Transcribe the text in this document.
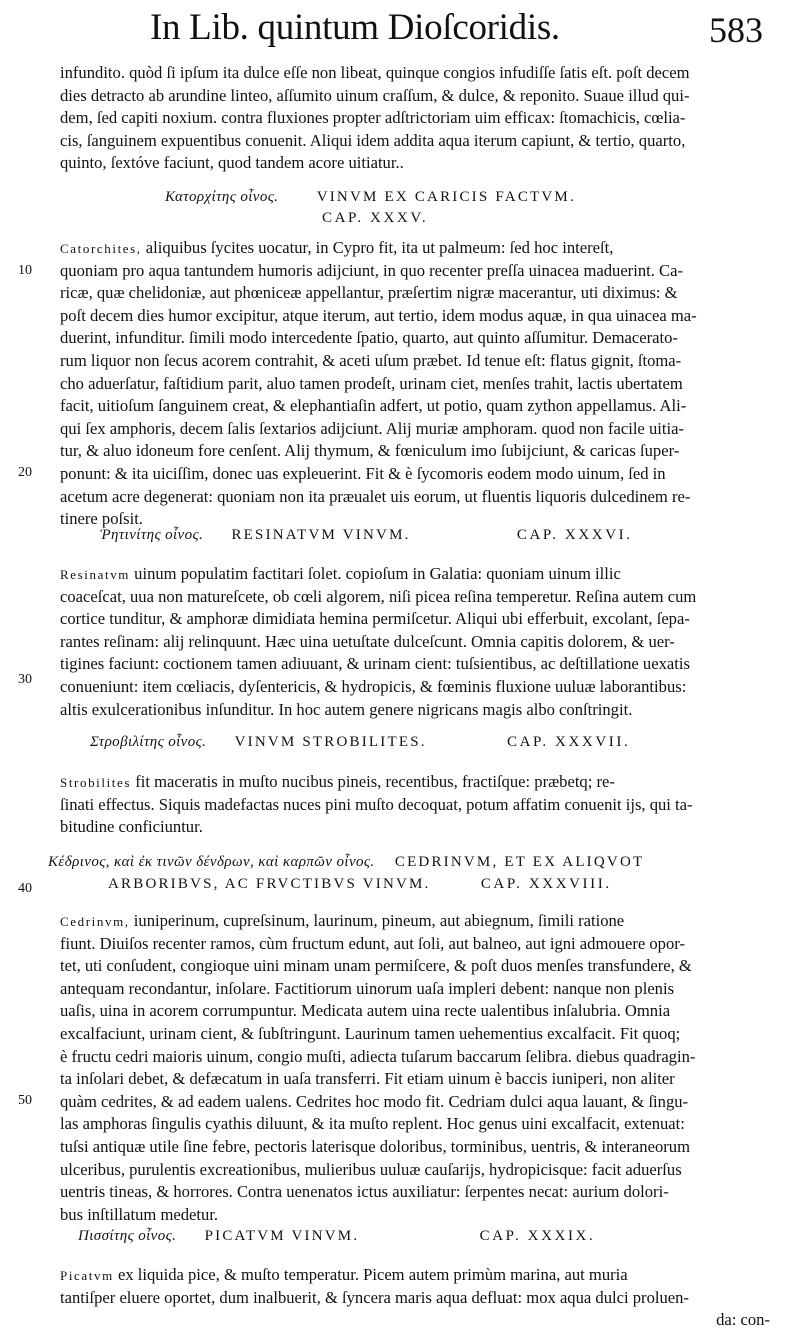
In Lib. quintum Dioſcoridis.	583
10
20
30
40
50
infundito. quòd ſi ipſum ita dulce eſſe non libeat, quinque congios infudiſſe ſatis eſt. poſt decem
dies detracto ab arundine linteo, aſſumito uinum craſſum, & dulce, & reponito. Suaue illud qui-
dem, ſed capiti noxium. contra fluxiones propter adſtrictoriam uim efficax: ſtomachicis, cœlia-
cis, ſanguinem expuentibus conuenit. Aliqui idem addita aqua iterum capiunt, & tertio, quarto,
quinto, ſextóve faciunt, quod tandem acore uitiatur..
Κατορχίτης οἶνος.	VINVM EX CARICIS FACTVM.
CAP. XXXV.
Catorchites, aliquibus ſycites uocatur, in Cypro fit, ita ut palmeum: ſed hoc intereſt,
quoniam pro aqua tantundem humoris adijciunt, in quo recenter preſſa uinacea maduerint. Ca-
ricæ, quæ chelidoniæ, aut phœniceæ appellantur, præſertim nigræ macerantur, uti diximus: &
poſt decem dies humor excipitur, atque iterum, aut tertio, idem modus aquæ, in qua uinacea ma-
duerint, infunditur. ſimili modo intercedente ſpatio, quarto, aut quinto aſſumitur. Demacerato-
rum liquor non ſecus acorem contrahit, & aceti uſum præbet. Id tenue eſt: flatus gignit, ſtoma-
cho aduerſatur, faſtidium parit, aluo tamen prodeſt, urinam ciet, menſes trahit, lactis ubertatem
facit, uitioſum ſanguinem creat, & elephantiaſin adfert, ut potio, quam zython appellamus. Ali-
qui ſex amphoris, decem ſalis ſextarios adijciunt. Alij muriæ amphoram. quod non facile uitia-
tur, & aluo idoneum fore cenſent. Alij thymum, & fœniculum imo ſubijciunt, & caricas ſuper-
ponunt: & ita uiciſſim, donec uas expleuerint. Fit & è ſycomoris eodem modo uinum, ſed in
acetum acre degenerat: quoniam non ita præualet uis eorum, ut fluentis liquoris dulcedinem re-
tinere poſsit.
Ῥητινίτης οἶνος. RESINATVM VINVM.	CAP. XXXVI.
Resinatvm uinum populatim factitari ſolet. copioſum in Galatia: quoniam uinum illic
coaceſcat, uua non matureſcete, ob cœli algorem, niſi picea reſina temperetur. Reſina autem cum
cortice tunditur, & amphoræ dimidiata hemina permiſcetur. Aliqui ubi efferbuit, excolant, ſepa-
rantes reſinam: alij relinquunt. Hæc uina uetuſtate dulceſcunt. Omnia capitis dolorem, & uer-
tigines faciunt: coctionem tamen adiuuant, & urinam cient: tuſsientibus, ac deſtillatione uexatis
conueniunt: item cœliacis, dyſentericis, & hydropicis, & fœminis fluxione uuluæ laborantibus:
altis exulcerationibus inſunditur. In hoc autem genere nigricans magis albo conſtringit.
Στροβιλίτης οἶνος. VINVM STROBILITES.	CAP. XXXVII.
Strobilites fit maceratis in muſto nucibus pineis, recentibus, fractiſque: præbetq; re-
ſinati effectus. Siquis madefactas nuces pini muſto decoquat, potum affatim conuenit ijs, qui ta-
bitudine conficiuntur.
Κέδρινος, καὶ ἐκ τινῶν δένδρων, καὶ καρπῶν οἶνος. CEDRINVM, ET EX ALIQVOT
ARBORIBVS, AC FRVCTIBVS VINVM.	CAP. XXXVIII.
Cedrinvm, iuniperinum, cupreſsinum, laurinum, pineum, aut abiegnum, ſimili ratione
fiunt. Diuiſos recenter ramos, cùm fructum edunt, aut ſoli, aut balneo, aut igni admouere opor-
tet, uti conſudent, congioque uini minam unam permiſcere, & poſt duos menſes transfundere, &
antequam recondantur, inſolare. Factitiorum uinorum uaſa impleri debent: nanque non plenis
uaſis, uina in acorem corrumpuntur. Medicata autem uina recte ualentibus inſalubria. Omnia
excalfaciunt, urinam cient, & ſubſtringunt. Laurinum tamen uehementius excalfacit. Fit quoq;
è fructu cedri maioris uinum, congio muſti, adiecta tuſarum baccarum ſelibra. diebus quadragin-
ta inſolari debet, & defæcatum in uaſa transferri. Fit etiam uinum è baccis iuniperi, non aliter
quàm cedrites, & ad eadem ualens. Cedrites hoc modo fit. Cedriam dulci aqua lauant, & ſingu-
las amphoras ſingulis cyathis diluunt, & ita muſto replent. Hoc genus uini excalfacit, extenuat:
tuſsi antiquæ utile ſine febre, pectoris laterisque doloribus, torminibus, uentris, & interaneorum
ulceribus, purulentis excreationibus, mulieribus uuluæ cauſarijs, hydropicisque: facit aduerſus
uentris tineas, & horrores. Contra uenenatos ictus auxiliatur: ſerpentes necat: aurium dolori-
bus inſtillatum medetur.
Πισσίτης οἶνος. PICATVM VINVM.	CAP. XXXIX.
Picatvm ex liquida pice, & muſto temperatur. Picem autem primùm marina, aut muria
tantiſper eluere oportet, dum inalbuerit, & ſyncera maris aqua defluat: mox aqua dulci proluen-
da: con-
